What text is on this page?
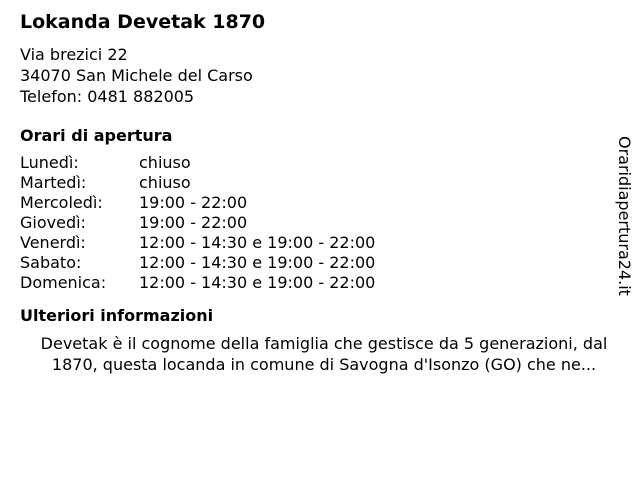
Lokanda Devetak 1870
Via brezici 22
34070 San Michele del Carso
Telefon: 0481 882005
Orari di apertura
Lunedì:	chiuso
Martedì:	chiuso
Mercoledì:	19:00 - 22:00
Giovedì:	19:00 - 22:00
Venerdì:	12:00 - 14:30 e 19:00 - 22:00
Sabato:	12:00 - 14:30 e 19:00 - 22:00
Domenica:	12:00 - 14:30 e 19:00 - 22:00
Ulteriori informazioni
Devetak è il cognome della famiglia che gestisce da 5 generazioni, dal 1870, questa locanda in comune di Savogna d'Isonzo (GO) che ne...
Oraridiapertura24.it
